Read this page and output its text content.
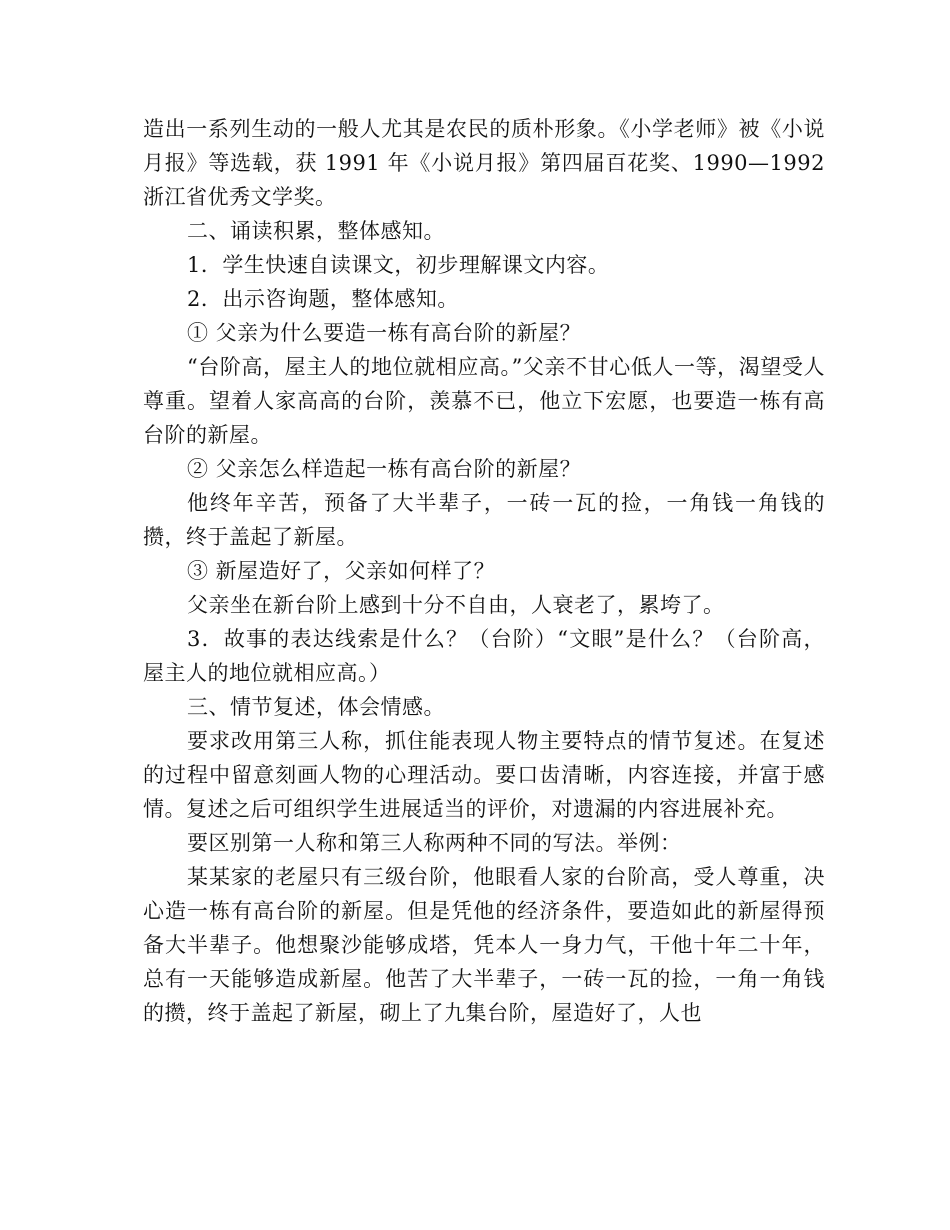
造出一系列生动的一般人尤其是农民的质朴形象。《小学老师》被《小说月报》等选载，获 1991 年《小说月报》第四届百花奖、1990—1992 浙江省优秀文学奖。

二、诵读积累，整体感知。

1．学生快速自读课文，初步理解课文内容。

2．出示咨询题，整体感知。

① 父亲为什么要造一栋有高台阶的新屋？

“台阶高，屋主人的地位就相应高。”父亲不甘心低人一等，渴望受人尊重。望着人家高高的台阶，羡慕不已，他立下宏愿，也要造一栋有高台阶的新屋。

② 父亲怎么样造起一栋有高台阶的新屋？

他终年辛苦，预备了大半辈子，一砖一瓦的捡，一角钱一角钱的攒，终于盖起了新屋。

③ 新屋造好了，父亲如何样了？

父亲坐在新台阶上感到十分不自由，人衰老了，累垮了。

3．故事的表达线索是什么？（台阶）“文眼”是什么？（台阶高，屋主人的地位就相应高。）

三、情节复述，体会情感。

要求改用第三人称，抓住能表现人物主要特点的情节复述。在复述的过程中留意刻画人物的心理活动。要口齿清晰，内容连接，并富于感情。复述之后可组织学生进展适当的评价，对遗漏的内容进展补充。

要区别第一人称和第三人称两种不同的写法。举例：

某某家的老屋只有三级台阶，他眼看人家的台阶高，受人尊重，决心造一栋有高台阶的新屋。但是凭他的经济条件，要造如此的新屋得预备大半辈子。他想聚沙能够成塔，凭本人一身力气，干他十年二十年，总有一天能够造成新屋。他苦了大半辈子，一砖一瓦的捡，一角一角钱的攒，终于盖起了新屋，砌上了九集台阶，屋造好了，人也
